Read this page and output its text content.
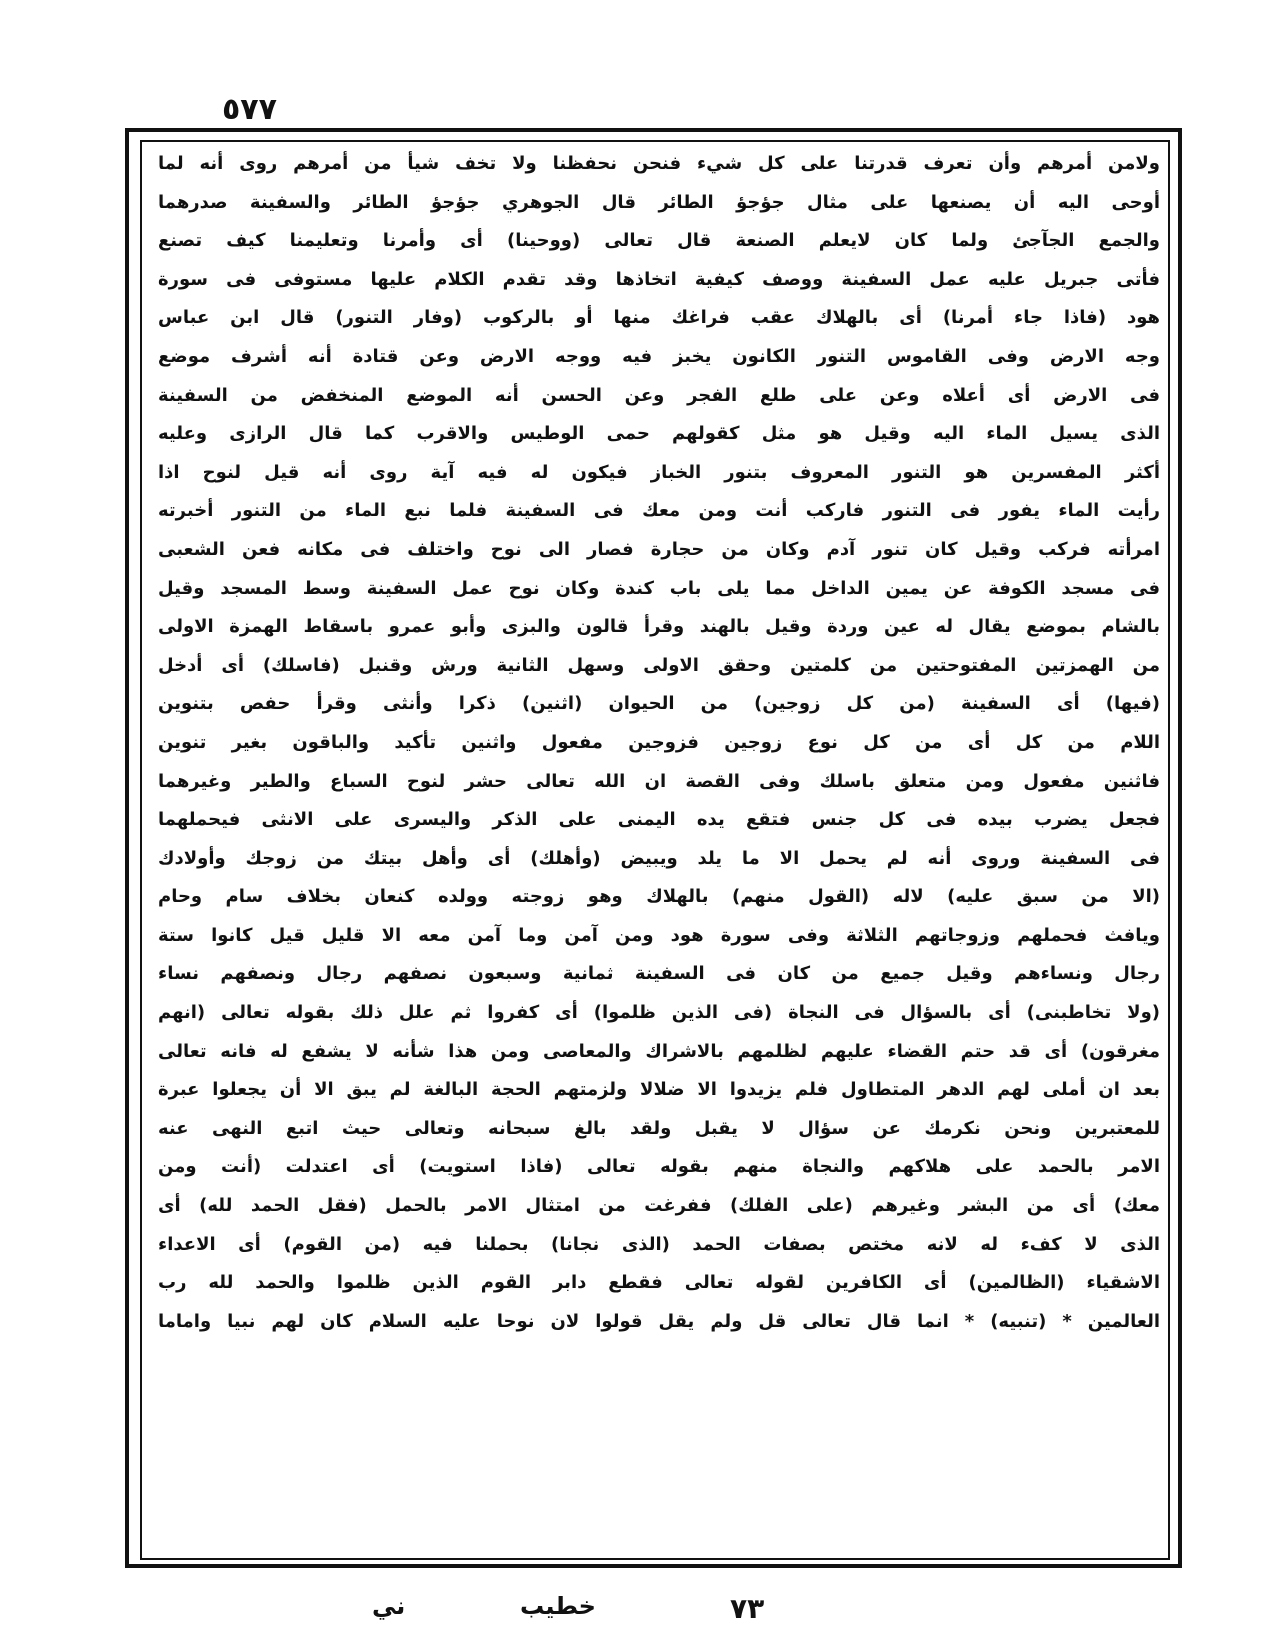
٥٧٧
ولامن أمرهم وأن تعرف قدرتنا على كل شيء فنحن نحفظنا ولا تخف شيأ من أمرهم روى أنه لما
أوحى اليه أن يصنعها على مثال جؤجؤ الطائر قال الجوهري جؤجؤ الطائر والسفينة صدرهما
والجمع الجآجئ ولما كان لايعلم الصنعة قال تعالى (ووحينا) أى وأمرنا وتعليمنا كيف تصنع
فأتى جبريل عليه عمل السفينة ووصف كيفية اتخاذها وقد تقدم الكلام عليها مستوفى فى سورة
هود (فاذا جاء أمرنا) أى بالهلاك عقب فراغك منها أو بالركوب (وفار التنور) قال ابن عباس
وجه الارض وفى القاموس التنور الكانون يخبز فيه ووجه الارض وعن قتادة أنه أشرف موضع
فى الارض أى أعلاه وعن على طلع الفجر وعن الحسن أنه الموضع المنخفض من السفينة
الذى يسيل الماء اليه وقيل هو مثل كقولهم حمى الوطيس والاقرب كما قال الرازى وعليه
أكثر المفسرين هو التنور المعروف بتنور الخباز فيكون له فيه آية روى أنه قيل لنوح اذا
رأيت الماء يفور فى التنور فاركب أنت ومن معك فى السفينة فلما نبع الماء من التنور أخبرته
امرأته فركب وقيل كان تنور آدم وكان من حجارة فصار الى نوح واختلف فى مكانه فعن الشعبى
فى مسجد الكوفة عن يمين الداخل مما يلى باب كندة وكان نوح عمل السفينة وسط المسجد وقيل
بالشام بموضع يقال له عين وردة وقيل بالهند وقرأ قالون والبزى وأبو عمرو باسقاط الهمزة الاولى
من الهمزتين المفتوحتين من كلمتين وحقق الاولى وسهل الثانية ورش وقنبل (فاسلك) أى أدخل
(فيها) أى السفينة (من كل زوجين) من الحيوان (اثنين) ذكرا وأنثى وقرأ حفص بتنوين
اللام من كل أى من كل نوع زوجين فزوجين مفعول واثنين تأكيد والباقون بغير تنوين
فاثنين مفعول ومن متعلق باسلك وفى القصة ان الله تعالى حشر لنوح السباع والطير وغيرهما
فجعل يضرب بيده فى كل جنس فتقع يده اليمنى على الذكر واليسرى على الانثى فيحملهما
فى السفينة وروى أنه لم يحمل الا ما يلد ويبيض (وأهلك) أى وأهل بيتك من زوجك وأولادك
(الا من سبق عليه) لاله (القول منهم) بالهلاك وهو زوجته وولده كنعان بخلاف سام وحام
ويافث فحملهم وزوجاتهم الثلاثة وفى سورة هود ومن آمن وما آمن معه الا قليل قيل كانوا ستة
رجال ونساءهم وقيل جميع من كان فى السفينة ثمانية وسبعون نصفهم رجال ونصفهم نساء
(ولا تخاطبنى) أى بالسؤال فى النجاة (فى الذين ظلموا) أى كفروا ثم علل ذلك بقوله تعالى (انهم
مغرقون) أى قد حتم القضاء عليهم لظلمهم بالاشراك والمعاصى ومن هذا شأنه لا يشفع له فانه تعالى
بعد ان أملى لهم الدهر المتطاول فلم يزيدوا الا ضلالا ولزمتهم الحجة البالغة لم يبق الا أن يجعلوا عبرة
للمعتبرين ونحن نكرمك عن سؤال لا يقبل ولقد بالغ سبحانه وتعالى حيث اتبع النهى عنه
الامر بالحمد على هلاكهم والنجاة منهم بقوله تعالى (فاذا استويت) أى اعتدلت (أنت ومن
معك) أى من البشر وغيرهم (على الفلك) ففرغت من امتثال الامر بالحمل (فقل الحمد لله) أى
الذى لا كفء له لانه مختص بصفات الحمد (الذى نجانا) بحملنا فيه (من القوم) أى الاعداء
الاشقياء (الظالمين) أى الكافرين لقوله تعالى فقطع دابر القوم الذين ظلموا والحمد لله رب
العالمين * (تنبيه) * انما قال تعالى قل ولم يقل قولوا لان نوحا عليه السلام كان لهم نبيا واماما
ني	خطيب	٧٣
